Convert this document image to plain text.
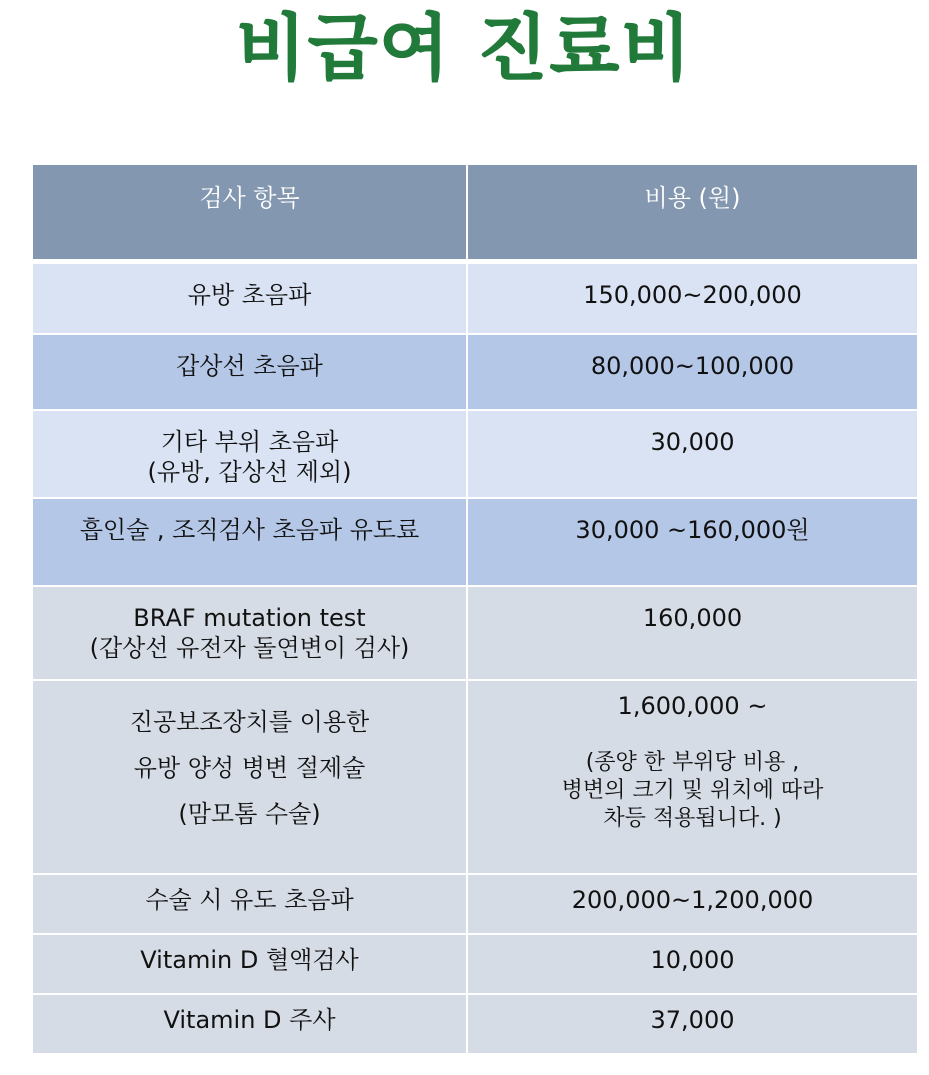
비급여 진료비
검사 항목	비용 (원)

유방 초음파	150,000~200,000

갑상선 초음파	80,000~100,000

기타 부위 초음파
(유방, 갑상선 제외)	30,000

흡인술 , 조직검사 초음파 유도료	30,000 ~160,000원

BRAF mutation test
(갑상선 유전자 돌연변이 검사)	160,000

진공보조장치를 이용한
유방 양성 병변 절제술
(맘모톰 수술)	1,600,000 ~
(종양 한 부위당 비용 ,
병변의 크기 및 위치에 따라
차등 적용됩니다. )

수술 시 유도 초음파	200,000~1,200,000

Vitamin D 혈액검사	10,000

Vitamin D 주사	37,000
